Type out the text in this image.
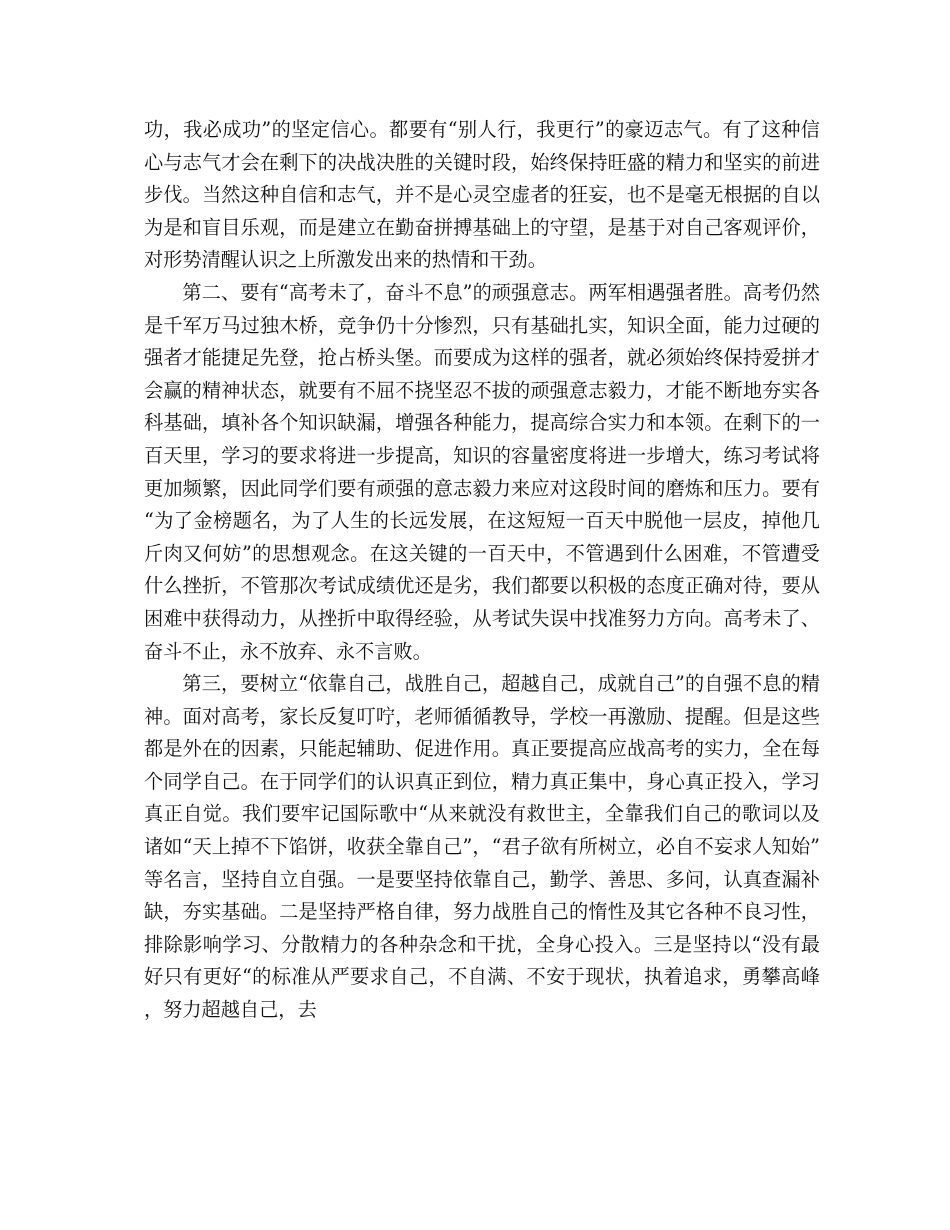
功，我必成功”的坚定信心。都要有“别人行，我更行”的豪迈志气。有了这种信心与志气才会在剩下的决战决胜的关键时段，始终保持旺盛的精力和坚实的前进步伐。当然这种自信和志气，并不是心灵空虚者的狂妄，也不是毫无根据的自以为是和盲目乐观，而是建立在勤奋拼搏基础上的守望，是基于对自己客观评价，对形势清醒认识之上所激发出来的热情和干劲。

第二、要有“高考未了，奋斗不息”的顽强意志。两军相遇强者胜。高考仍然是千军万马过独木桥，竞争仍十分惨烈，只有基础扎实，知识全面，能力过硬的强者才能捷足先登，抢占桥头堡。而要成为这样的强者，就必须始终保持爱拼才会赢的精神状态，就要有不屈不挠坚忍不拔的顽强意志毅力，才能不断地夯实各科基础，填补各个知识缺漏，增强各种能力，提高综合实力和本领。在剩下的一百天里，学习的要求将进一步提高，知识的容量密度将进一步增大，练习考试将更加频繁，因此同学们要有顽强的意志毅力来应对这段时间的磨炼和压力。要有“为了金榜题名，为了人生的长远发展，在这短短一百天中脱他一层皮，掉他几斤肉又何妨”的思想观念。在这关键的一百天中，不管遇到什么困难，不管遭受什么挫折，不管那次考试成绩优还是劣，我们都要以积极的态度正确对待，要从困难中获得动力，从挫折中取得经验，从考试失误中找准努力方向。高考未了、奋斗不止，永不放弃、永不言败。

第三，要树立“依靠自己，战胜自己，超越自己，成就自己”的自强不息的精神。面对高考，家长反复叮咛，老师循循教导，学校一再激励、提醒。但是这些都是外在的因素，只能起辅助、促进作用。真正要提高应战高考的实力，全在每个同学自己。在于同学们的认识真正到位，精力真正集中，身心真正投入，学习真正自觉。我们要牢记国际歌中“从来就没有救世主，全靠我们自己的歌词以及诸如“天上掉不下馅饼，收获全靠自己”，“君子欲有所树立，必自不妄求人知始”等名言，坚持自立自强。一是要坚持依靠自己，勤学、善思、多问，认真查漏补缺，夯实基础。二是坚持严格自律，努力战胜自己的惰性及其它各种不良习性，排除影响学习、分散精力的各种杂念和干扰，全身心投入。三是坚持以“没有最好只有更好“的标准从严要求自己，不自满、不安于现状，执着追求，勇攀高峰，努力超越自己，去
